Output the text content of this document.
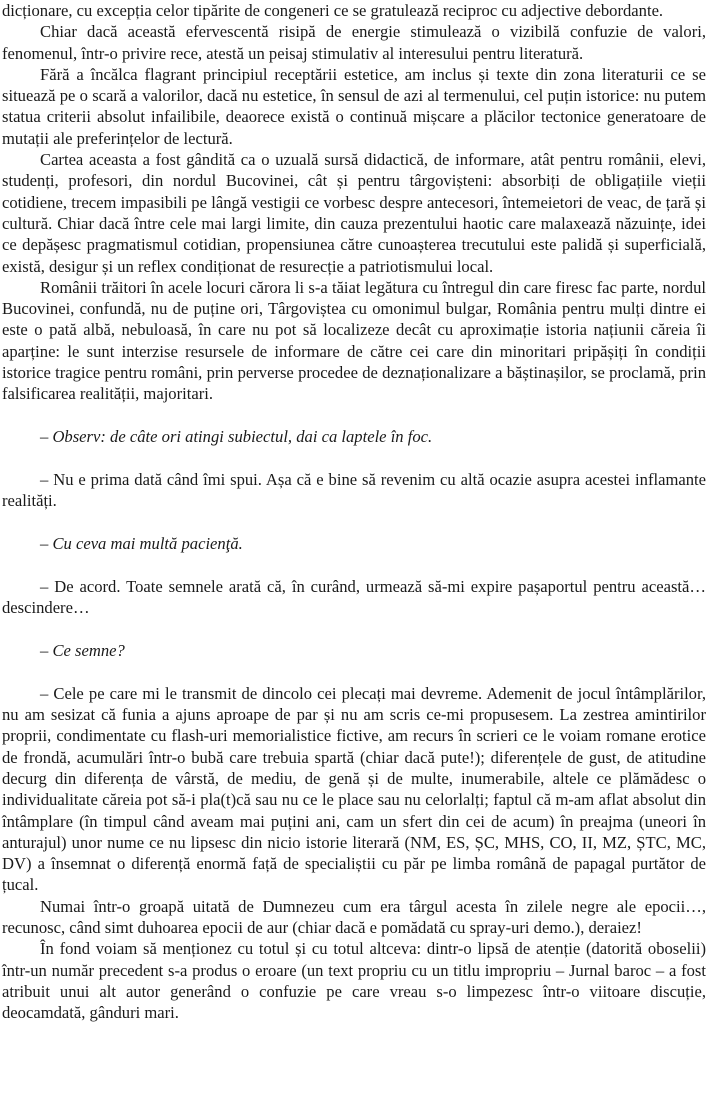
dicționare, cu excepția celor tipărite de congeneri ce se gratulează reciproc cu adjective debordante.

Chiar dacă această efervescentă risipă de energie stimulează o vizibilă confuzie de valori, fenomenul, într-o privire rece, atestă un peisaj stimulativ al interesului pentru literatură.

Fără a încălca flagrant principiul receptării estetice, am inclus și texte din zona literaturii ce se situează pe o scară a valorilor, dacă nu estetice, în sensul de azi al termenului, cel puțin istorice: nu putem statua criterii absolut infailibile, deaorece există o continuă mișcare a plăcilor tectonice generatoare de mutații ale preferințelor de lectură.

Cartea aceasta a fost gândită ca o uzuală sursă didactică, de informare, atât pentru românii, elevi, studenți, profesori, din nordul Bucovinei, cât și pentru târgovișteni: absorbiți de obligațiile vieții cotidiene, trecem impasibili pe lângă vestigii ce vorbesc despre antecesori, întemeietori de veac, de țară și cultură. Chiar dacă între cele mai largi limite, din cauza prezentului haotic care malaxează năzuințe, idei ce depășesc pragmatismul cotidian, propensiunea către cunoașterea trecutului este palidă și superficială, există, desigur și un reflex condiționat de resurecție a patriotismului local.

Românii trăitori în acele locuri cărora li s-a tăiat legătura cu întregul din care firesc fac parte, nordul Bucovinei, confundă, nu de puține ori, Târgoviștea cu omonimul bulgar, România pentru mulți dintre ei este o pată albă, nebuloasă, în care nu pot să localizeze decât cu aproximație istoria națiunii căreia îi aparține: le sunt interzise resursele de informare de către cei care din minoritari pripășiți în condiții istorice tragice pentru români, prin perverse procedee de deznaționalizare a băștinașilor, se proclamă, prin falsificarea realității, majoritari.

– Observ: de câte ori atingi subiectul, dai ca laptele în foc.

– Nu e prima dată când îmi spui. Așa că e bine să revenim cu altă ocazie asupra acestei inflamante realități.

– Cu ceva mai multă pacienţă.

– De acord. Toate semnele arată că, în curând, urmează să-mi expire pașaportul pentru această… descindere…

– Ce semne?

– Cele pe care mi le transmit de dincolo cei plecați mai devreme. Ademenit de jocul întâmplărilor, nu am sesizat că funia a ajuns aproape de par și nu am scris ce-mi propusesem. La zestrea amintirilor proprii, condimentate cu flash-uri memorialistice fictive, am recurs în scrieri ce le voiam romane erotice de frondă, acumulări într-o bubă care trebuia spartă (chiar dacă pute!); diferențele de gust, de atitudine decurg din diferența de vârstă, de mediu, de genă și de multe, inumerabile, altele ce plămădesc o individualitate căreia pot să-i pla(t)că sau nu ce le place sau nu celorlalți; faptul că m-am aflat absolut din întâmplare (în timpul când aveam mai puțini ani, cam un sfert din cei de acum) în preajma (uneori în anturajul) unor nume ce nu lipsesc din nicio istorie literară (NM, ES, ȘC, MHS, CO, II, MZ, ȘTC, MC, DV) a însemnat o diferență enormă față de specialiștii cu păr pe limba română de papagal purtător de țucal.

Numai într-o groapă uitată de Dumnezeu cum era târgul acesta în zilele negre ale epocii…, recunosc, când simt duhoarea epocii de aur (chiar dacă e pomădată cu spray-uri demo.), deraiez!

În fond voiam să menționez cu totul și cu totul altceva: dintr-o lipsă de atenție (datorită oboselii) într-un număr precedent s-a produs o eroare (un text propriu cu un titlu impropriu – Jurnal baroc – a fost atribuit unui alt autor generând o confuzie pe care vreau s-o limpezesc într-o viitoare discuție, deocamdată, gânduri mari.
